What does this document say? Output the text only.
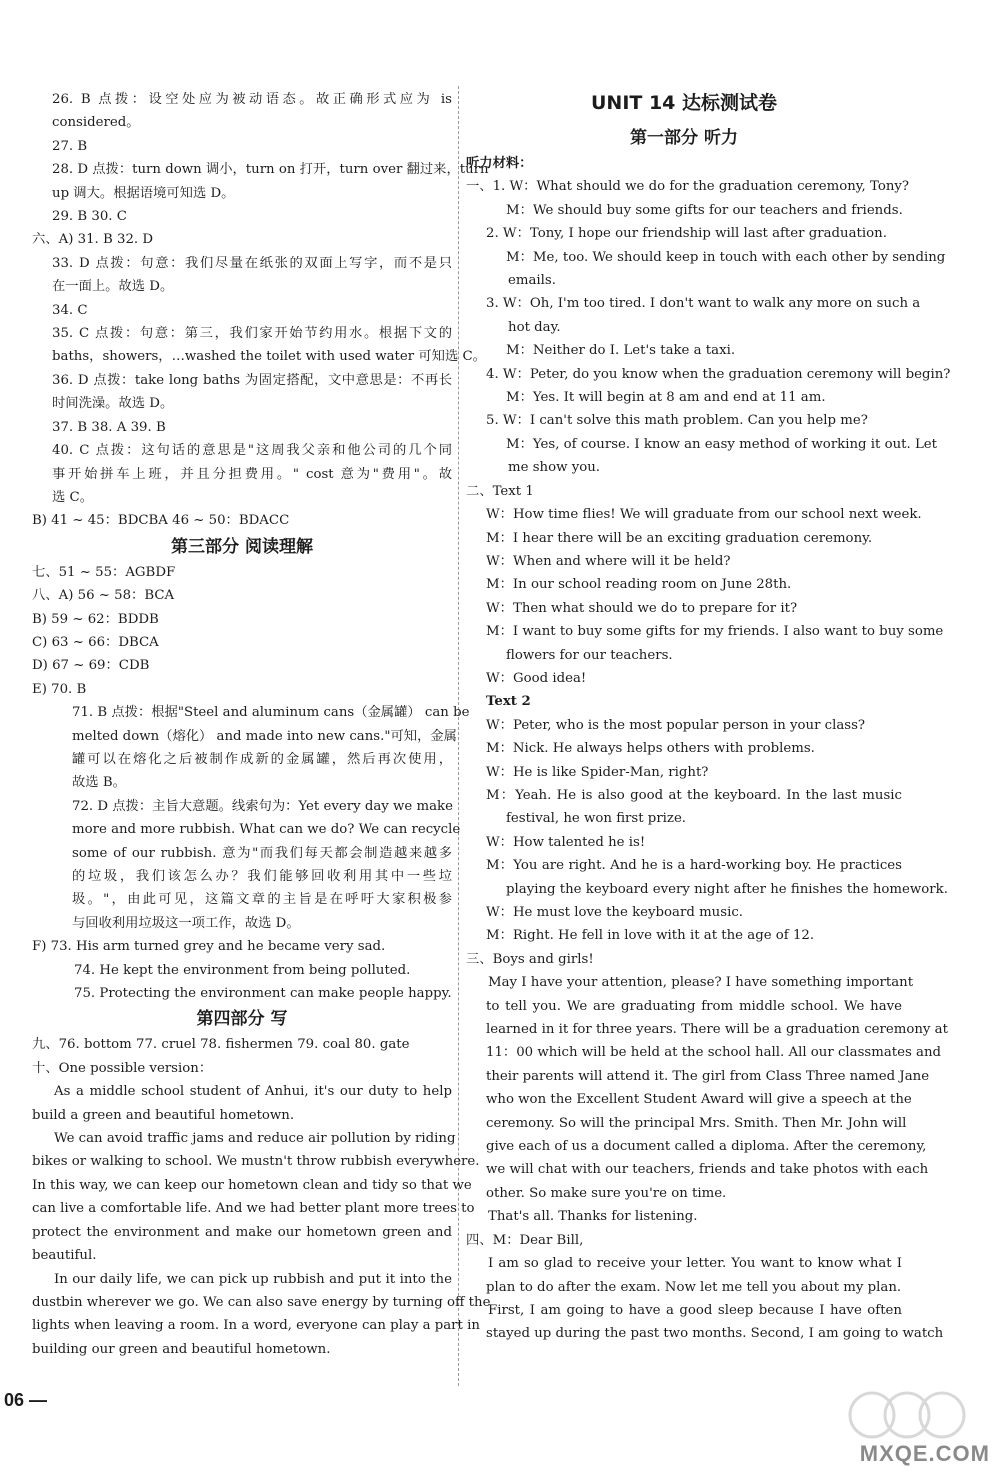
26. B 点拨：设空处应为被动语态。故正确形式应为 is
considered。
27. B
28. D 点拨：turn down 调小，turn on 打开，turn over 翻过来，turn
up 调大。根据语境可知选 D。
29. B 30. C
六、A) 31. B 32. D
33. D 点拨：句意：我们尽量在纸张的双面上写字，而不是只
在一面上。故选 D。
34. C
35. C 点拨：句意：第三，我们家开始节约用水。根据下文的
baths，showers，…washed the toilet with used water 可知选 C。
36. D 点拨：take long baths 为固定搭配，文中意思是：不再长
时间洗澡。故选 D。
37. B 38. A 39. B
40. C 点拨：这句话的意思是"这周我父亲和他公司的几个同
事开始拼车上班，并且分担费用。" cost 意为"费用"。故
选 C。
B) 41 ~ 45：BDCBA 46 ~ 50：BDACC
第三部分 阅读理解
七、51 ~ 55：AGBDF
八、A) 56 ~ 58：BCA
B) 59 ~ 62：BDDB
C) 63 ~ 66：DBCA
D) 67 ~ 69：CDB
E) 70. B
71. B 点拨：根据"Steel and aluminum cans（金属罐） can be
melted down（熔化） and made into new cans."可知，金属
罐可以在熔化之后被制作成新的金属罐，然后再次使用，
故选 B。
72. D 点拨：主旨大意题。线索句为：Yet every day we make
more and more rubbish. What can we do? We can recycle
some of our rubbish. 意为"而我们每天都会制造越来越多
的垃圾，我们该怎么办？我们能够回收利用其中一些垃
圾。"，由此可见，这篇文章的主旨是在呼吁大家积极参
与回收利用垃圾这一项工作，故选 D。
F) 73. His arm turned grey and he became very sad.
74. He kept the environment from being polluted.
75. Protecting the environment can make people happy.
第四部分 写
九、76. bottom 77. cruel 78. fishermen 79. coal 80. gate
十、One possible version：
As a middle school student of Anhui, it's our duty to help
build a green and beautiful hometown.
We can avoid traffic jams and reduce air pollution by riding
bikes or walking to school. We mustn't throw rubbish everywhere.
In this way, we can keep our hometown clean and tidy so that we
can live a comfortable life. And we had better plant more trees to
protect the environment and make our hometown green and
beautiful.
In our daily life, we can pick up rubbish and put it into the
dustbin wherever we go. We can also save energy by turning off the
lights when leaving a room. In a word, everyone can play a part in
building our green and beautiful hometown.
UNIT 14 达标测试卷
第一部分 听力
听力材料：
一、1. W：What should we do for the graduation ceremony, Tony?
M：We should buy some gifts for our teachers and friends.
2. W：Tony, I hope our friendship will last after graduation.
M：Me, too. We should keep in touch with each other by sending
emails.
3. W：Oh, I'm too tired. I don't want to walk any more on such a
hot day.
M：Neither do I. Let's take a taxi.
4. W：Peter, do you know when the graduation ceremony will begin?
M：Yes. It will begin at 8 am and end at 11 am.
5. W：I can't solve this math problem. Can you help me?
M：Yes, of course. I know an easy method of working it out. Let
me show you.
二、Text 1
W：How time flies! We will graduate from our school next week.
M：I hear there will be an exciting graduation ceremony.
W：When and where will it be held?
M：In our school reading room on June 28th.
W：Then what should we do to prepare for it?
M：I want to buy some gifts for my friends. I also want to buy some
flowers for our teachers.
W：Good idea!
Text 2
W：Peter, who is the most popular person in your class?
M：Nick. He always helps others with problems.
W：He is like Spider-Man, right?
M：Yeah. He is also good at the keyboard. In the last music
festival, he won first prize.
W：How talented he is!
M：You are right. And he is a hard-working boy. He practices
playing the keyboard every night after he finishes the homework.
W：He must love the keyboard music.
M：Right. He fell in love with it at the age of 12.
三、Boys and girls!
May I have your attention, please? I have something important
to tell you. We are graduating from middle school. We have
learned in it for three years. There will be a graduation ceremony at
11：00 which will be held at the school hall. All our classmates and
their parents will attend it. The girl from Class Three named Jane
who won the Excellent Student Award will give a speech at the
ceremony. So will the principal Mrs. Smith. Then Mr. John will
give each of us a document called a diploma. After the ceremony,
we will chat with our teachers, friends and take photos with each
other. So make sure you're on time.
That's all. Thanks for listening.
四、M：Dear Bill,
I am so glad to receive your letter. You want to know what I
plan to do after the exam. Now let me tell you about my plan.
First, I am going to have a good sleep because I have often
stayed up during the past two months. Second, I am going to watch
06 —
MXQE.COM
